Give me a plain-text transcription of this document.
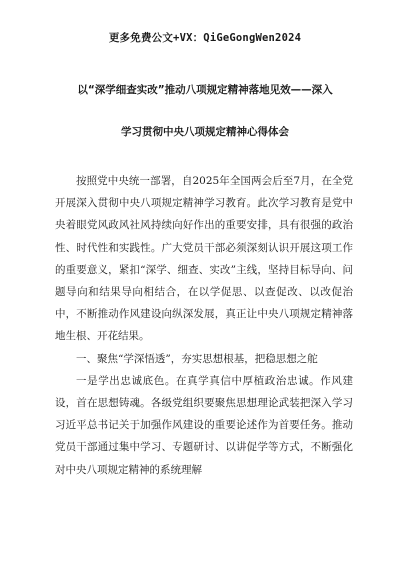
更多免费公文+VX：QiGeGongWen2024
以“深学细查实改”推动八项规定精神落地见效——深入
学习贯彻中央八项规定精神心得体会

按照党中央统一部署，自2025年全国两会后至7月，在全党开展深入贯彻中央八项规定精神学习教育。此次学习教育是党中央着眼党风政风社风持续向好作出的重要安排，具有很强的政治性、时代性和实践性。广大党员干部必须深刻认识开展这项工作的重要意义，紧扣“深学、细查、实改”主线，坚持目标导向、问题导向和结果导向相结合，在以学促思、以查促改、以改促治中，不断推动作风建设向纵深发展，真正让中央八项规定精神落地生根、开花结果。

一、聚焦“学深悟透”，夯实思想根基，把稳思想之舵

一是学出忠诚底色。在真学真信中厚植政治忠诚。作风建设，首在思想铸魂。各级党组织要聚焦思想理论武装把深入学习习近平总书记关于加强作风建设的重要论述作为首要任务。推动党员干部通过集中学习、专题研讨、以讲促学等方式，不断强化对中央八项规定精神的系统理解
